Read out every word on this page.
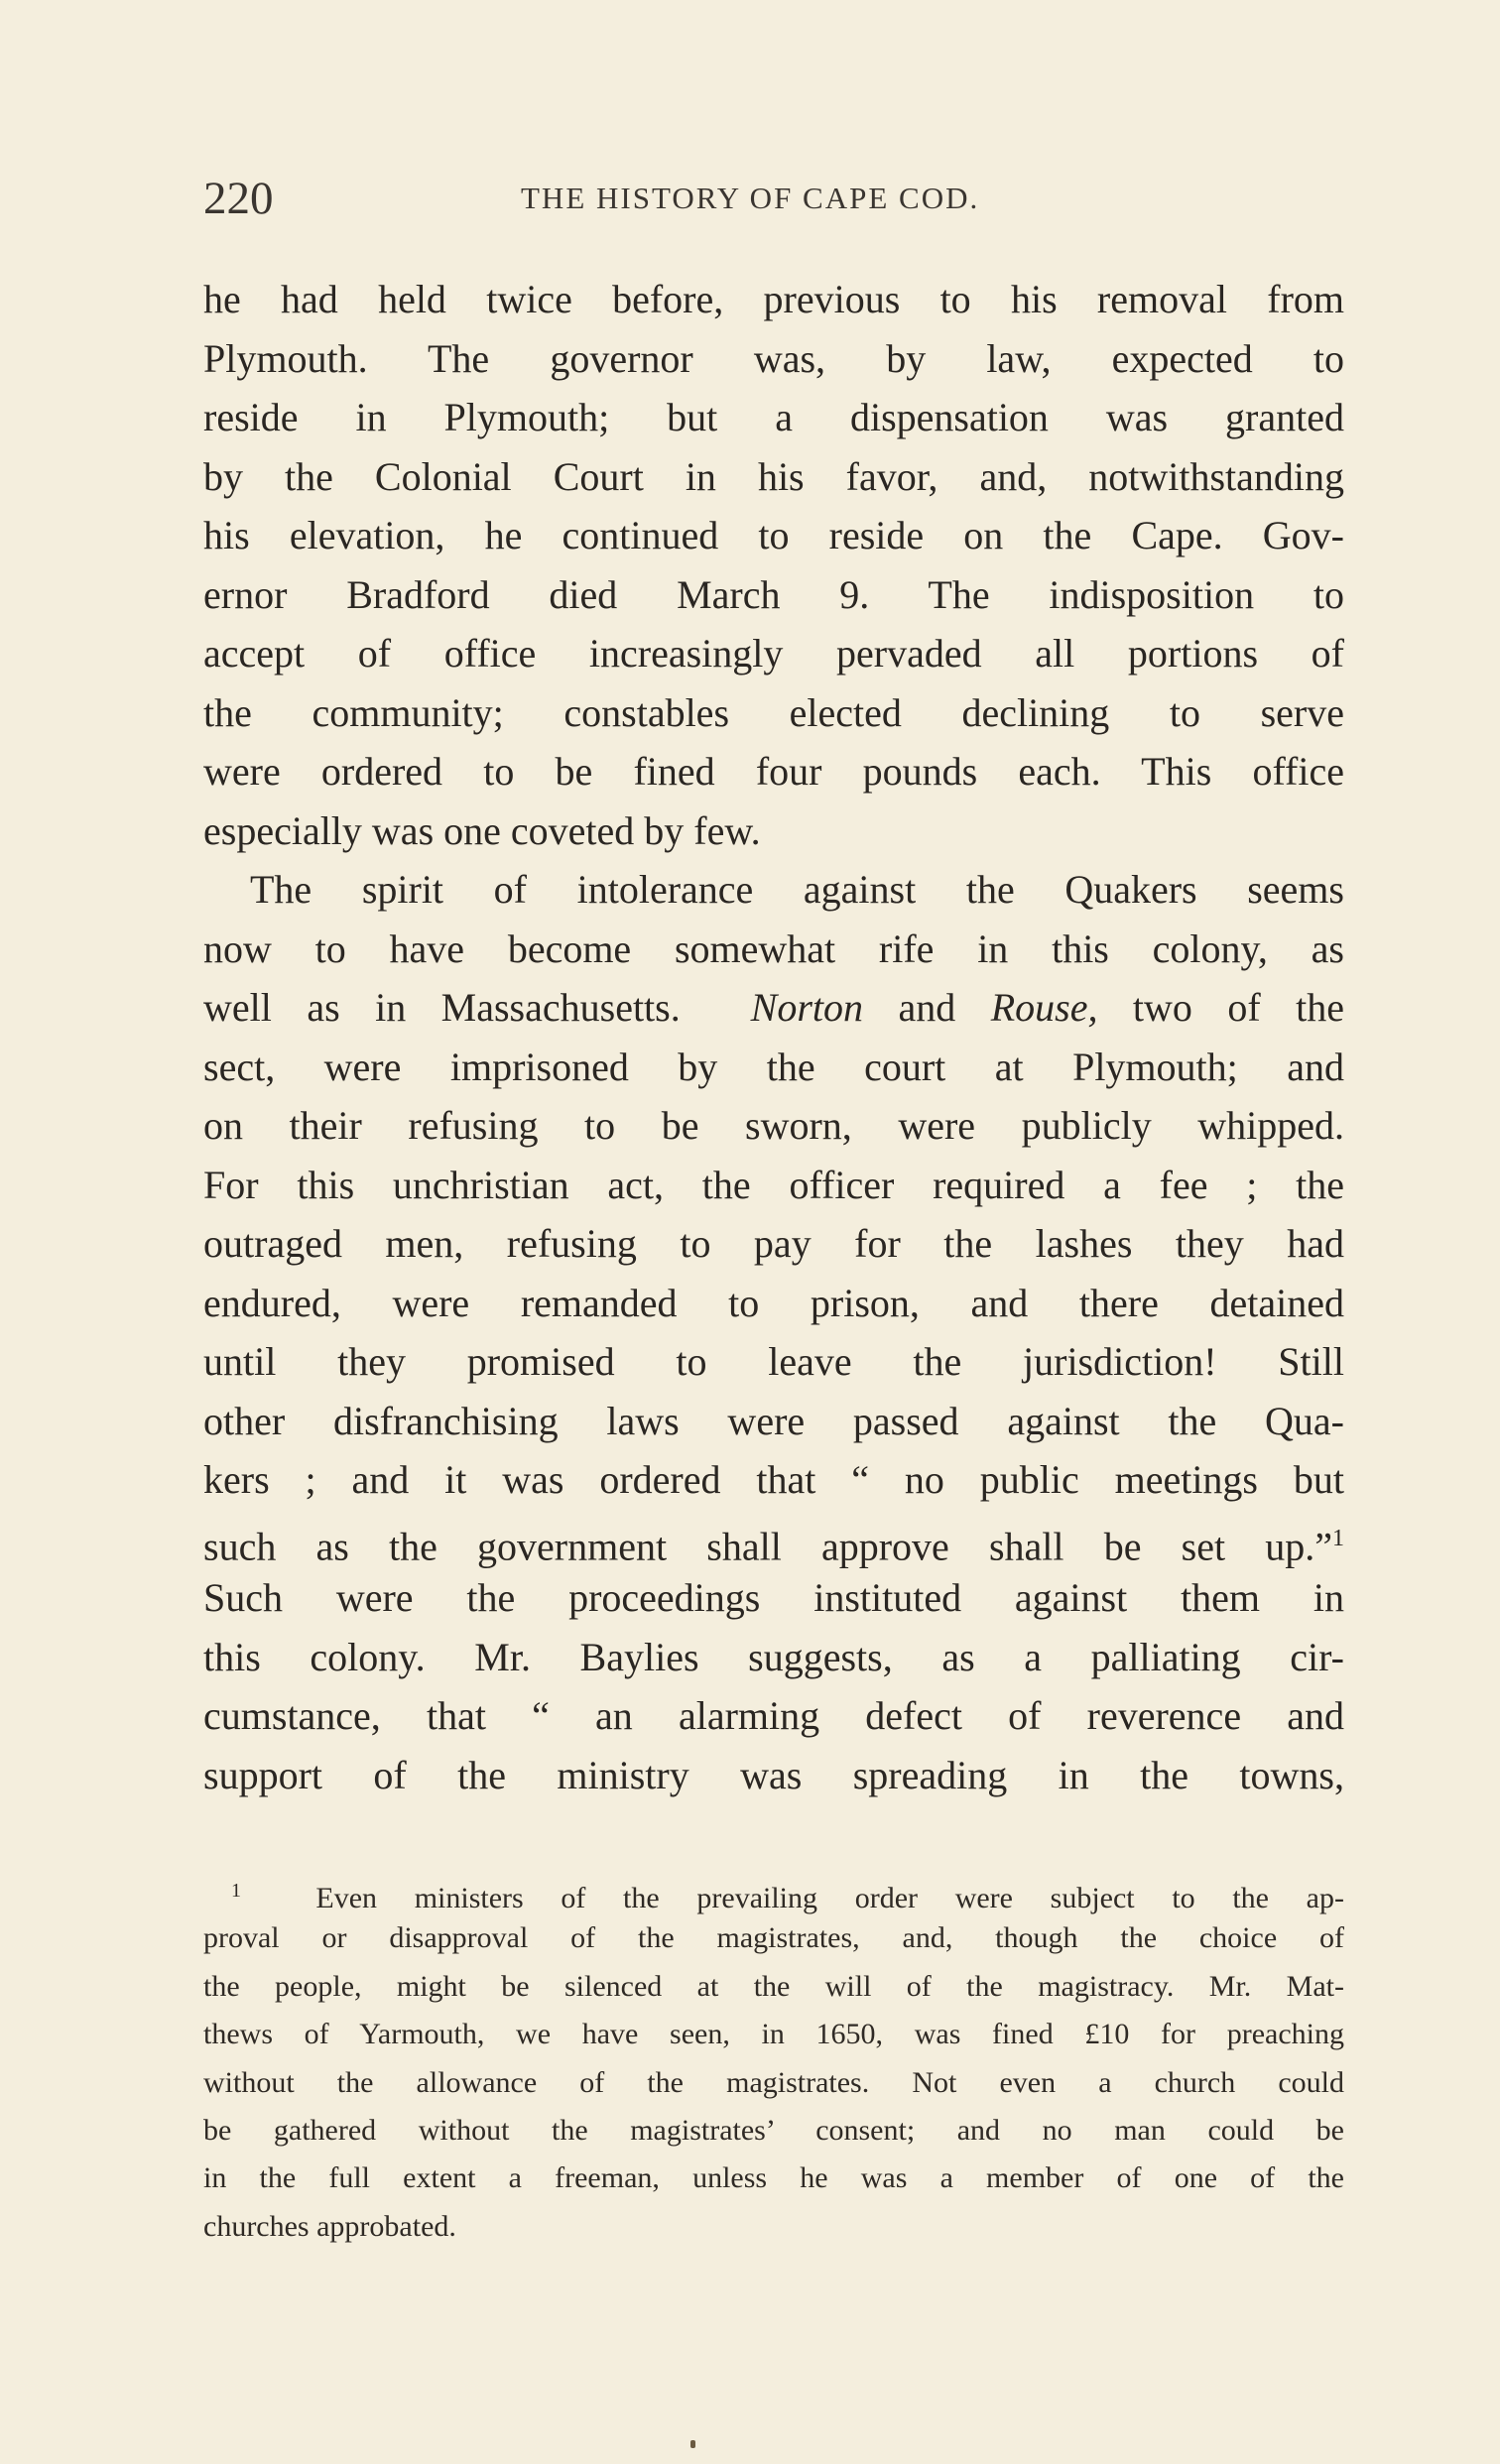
220	THE HISTORY OF CAPE COD.
he had held twice before, previous to his removal from
Plymouth. The governor was, by law, expected to
reside in Plymouth; but a dispensation was granted
by the Colonial Court in his favor, and, notwithstanding
his elevation, he continued to reside on the Cape. Gov-
ernor Bradford died March 9. The indisposition to
accept of office increasingly pervaded all portions of
the community; constables elected declining to serve
were ordered to be fined four pounds each. This office
especially was one coveted by few.
The spirit of intolerance against the Quakers seems
now to have become somewhat rife in this colony, as
well as in Massachusetts. Norton and Rouse, two of the
sect, were imprisoned by the court at Plymouth; and
on their refusing to be sworn, were publicly whipped.
For this unchristian act, the officer required a fee ; the
outraged men, refusing to pay for the lashes they had
endured, were remanded to prison, and there detained
until they promised to leave the jurisdiction! Still
other disfranchising laws were passed against the Qua-
kers ; and it was ordered that “ no public meetings but
such as the government shall approve shall be set up.”$^1$
Such were the proceedings instituted against them in
this colony. Mr. Baylies suggests, as a palliating cir-
cumstance, that “ an alarming defect of reverence and
support of the ministry was spreading in the towns,
$^1$	Even ministers of the prevailing order were subject to the ap-
proval or disapproval of the magistrates, and, though the choice of
the people, might be silenced at the will of the magistracy. Mr. Mat-
thews of Yarmouth, we have seen, in 1650, was fined £10 for preaching
without the allowance of the magistrates. Not even a church could
be gathered without the magistrates’ consent; and no man could be
in the full extent a freeman, unless he was a member of one of the
churches approbated.
